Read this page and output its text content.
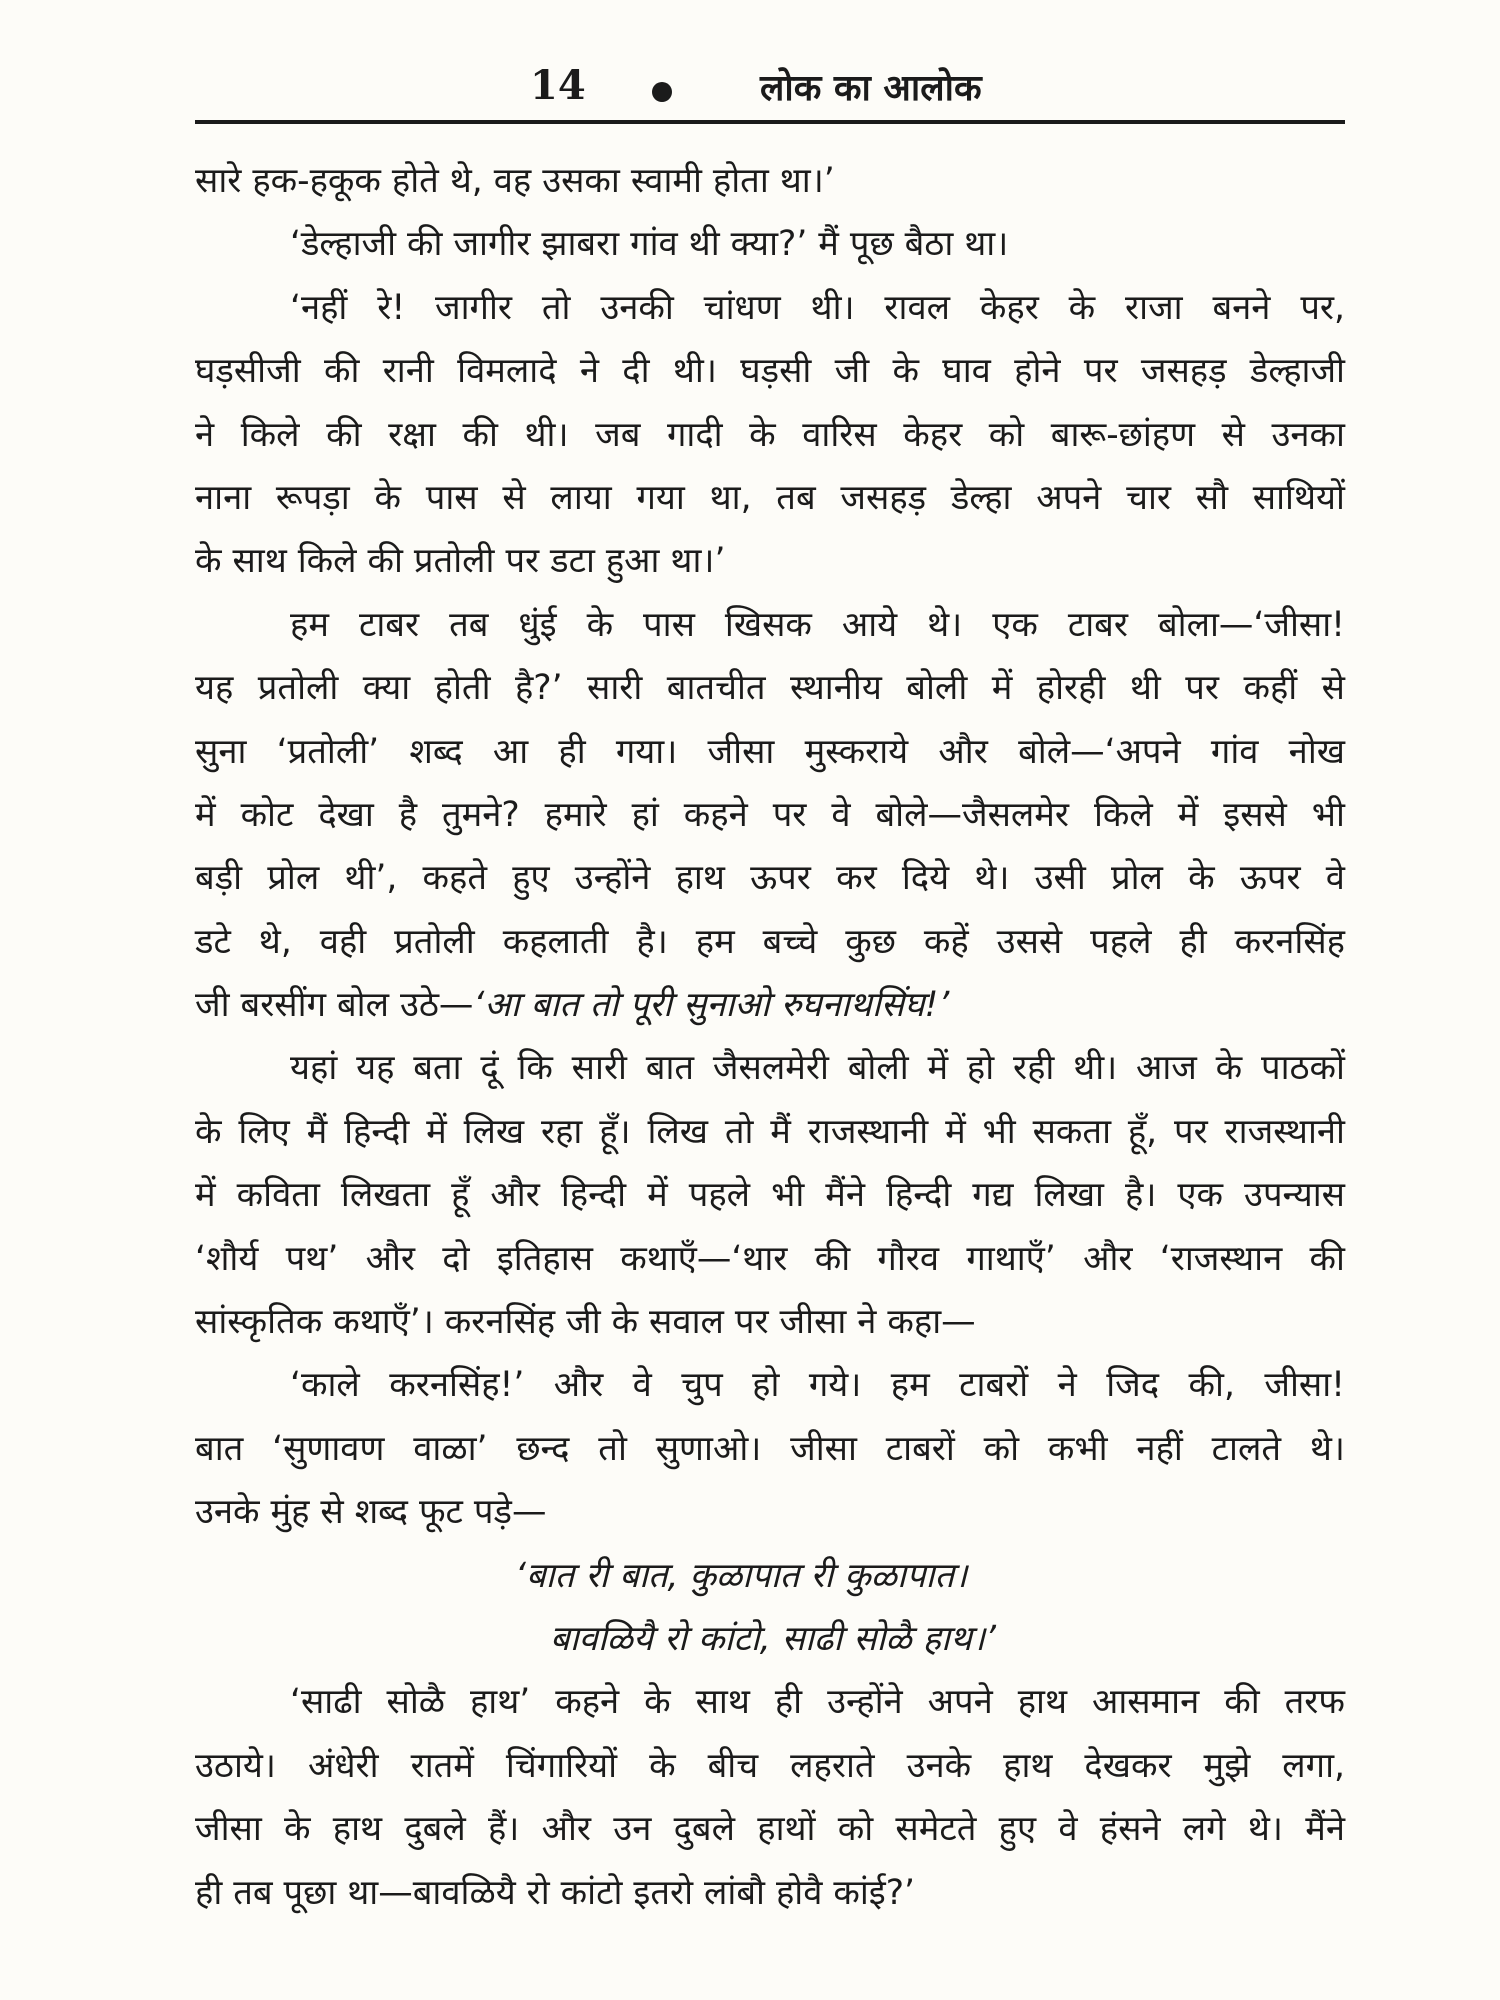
14	लोक का आलोक
सारे हक-हकूक होते थे, वह उसका स्वामी होता था।’
‘डेल्हाजी की जागीर झाबरा गांव थी क्या?’ मैं पूछ बैठा था।
‘नहीं रे! जागीर तो उनकी चांधण थी। रावल केहर के राजा बनने पर,
घड़सीजी की रानी विमलादे ने दी थी। घड़सी जी के घाव होने पर जसहड़ डेल्हाजी
ने किले की रक्षा की थी। जब गादी के वारिस केहर को बारू-छांहण से उनका
नाना रूपड़ा के पास से लाया गया था, तब जसहड़ डेल्हा अपने चार सौ साथियों
के साथ किले की प्रतोली पर डटा हुआ था।’
हम टाबर तब धुंई के पास खिसक आये थे। एक टाबर बोला—‘जीसा!
यह प्रतोली क्या होती है?’ सारी बातचीत स्थानीय बोली में होरही थी पर कहीं से
सुना ‘प्रतोली’ शब्द आ ही गया। जीसा मुस्कराये और बोले—‘अपने गांव नोख
में कोट देखा है तुमने? हमारे हां कहने पर वे बोले—जैसलमेर किले में इससे भी
बड़ी प्रोल थी’, कहते हुए उन्होंने हाथ ऊपर कर दिये थे। उसी प्रोल के ऊपर वे
डटे थे, वही प्रतोली कहलाती है। हम बच्चे कुछ कहें उससे पहले ही करनसिंह
जी बरसींग बोल उठे—‘आ बात तो पूरी सुनाओ रुघनाथसिंघ!’
यहां यह बता दूं कि सारी बात जैसलमेरी बोली में हो रही थी। आज के पाठकों
के लिए मैं हिन्दी में लिख रहा हूँ। लिख तो मैं राजस्थानी में भी सकता हूँ, पर राजस्थानी
में कविता लिखता हूँ और हिन्दी में पहले भी मैंने हिन्दी गद्य लिखा है। एक उपन्यास
‘शौर्य पथ’ और दो इतिहास कथाएँ—‘थार की गौरव गाथाएँ’ और ‘राजस्थान की
सांस्कृतिक कथाएँ’। करनसिंह जी के सवाल पर जीसा ने कहा—
‘काले करनसिंह!’ और वे चुप हो गये। हम टाबरों ने जिद की, जीसा!
बात ‘सुणावण वाळा’ छन्द तो सुणाओ। जीसा टाबरों को कभी नहीं टालते थे।
उनके मुंह से शब्द फूट पड़े—
‘बात री बात, कुळापात री कुळापात।
बावळियै रो कांटो, साढी सोळै हाथ।’
‘साढी सोळै हाथ’ कहने के साथ ही उन्होंने अपने हाथ आसमान की तरफ
उठाये। अंधेरी रातमें चिंगारियों के बीच लहराते उनके हाथ देखकर मुझे लगा,
जीसा के हाथ दुबले हैं। और उन दुबले हाथों को समेटते हुए वे हंसने लगे थे। मैंने
ही तब पूछा था—बावळियै रो कांटो इतरो लांबौ होवै कांई?’
